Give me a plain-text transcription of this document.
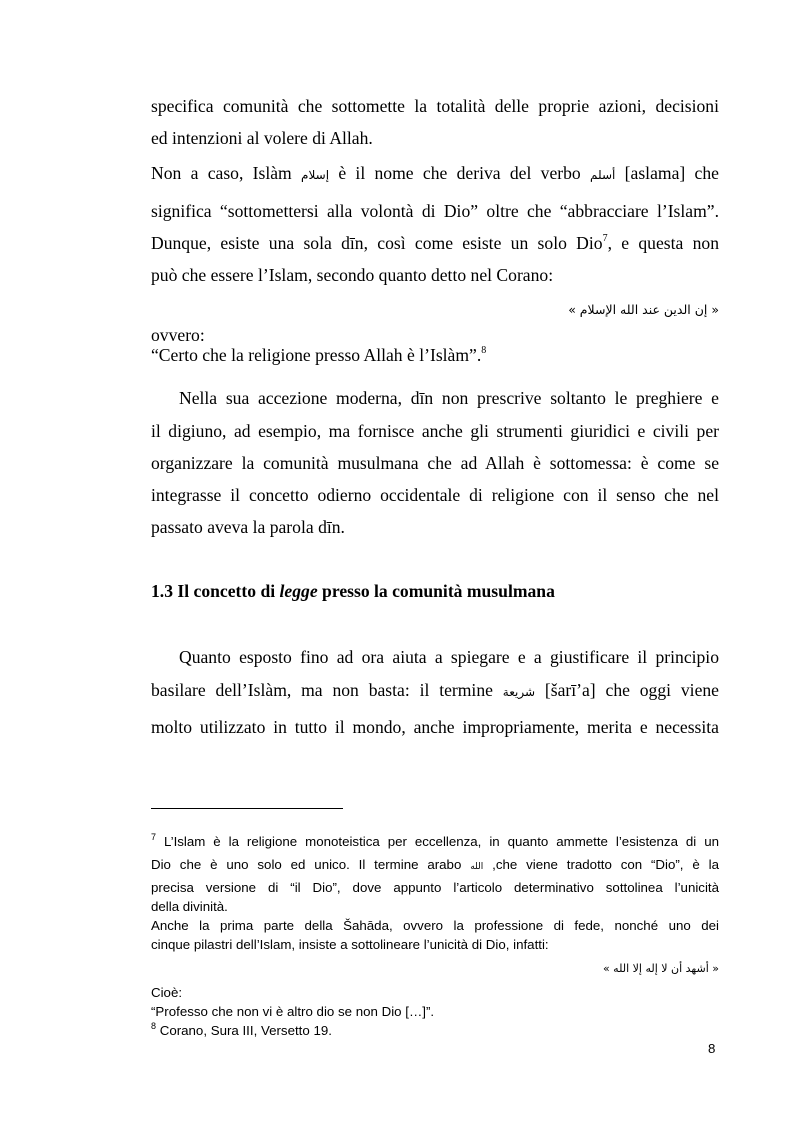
specifica comunità che sottomette la totalità delle proprie azioni, decisioni
ed intenzioni al volere di Allah.
Non a caso, Islàm إسلام è il nome che deriva del verbo أسلم [aslama] che
significa “sottomettersi alla volontà di Dio” oltre che “abbracciare l’Islam”.
Dunque, esiste una sola dīn, così come esiste un solo Dio$^7$, e questa non
può che essere l’Islam, secondo quanto detto nel Corano:
« إن الدين عند الله الإسلام »
ovvero:
“Certo che la religione presso Allah è l’Islàm”.$^8$
Nella sua accezione moderna, dīn non prescrive soltanto le preghiere e
il digiuno, ad esempio, ma fornisce anche gli strumenti giuridici e civili per
organizzare la comunità musulmana che ad Allah è sottomessa: è come se
integrasse il concetto odierno occidentale di religione con il senso che nel
passato aveva la parola dīn.
1.3 Il concetto di legge presso la comunità musulmana
Quanto esposto fino ad ora aiuta a spiegare e a giustificare il principio
basilare dell’Islàm, ma non basta: il termine شريعة [šarī’a] che oggi viene
molto utilizzato in tutto il mondo, anche impropriamente, merita e necessita
$^7$ L’Islam è la religione monoteistica per eccellenza, in quanto ammette l’esistenza di un
Dio che è uno solo ed unico. Il termine arabo الله ,che viene tradotto con “Dio”, è la
precisa versione di “il Dio”, dove appunto l’articolo determinativo sottolinea l’unicità
della divinità.
Anche la prima parte della Šahāda, ovvero la professione di fede, nonché uno dei
cinque pilastri dell’Islam, insiste a sottolineare l’unicità di Dio, infatti:
« أشهد أن لا إله إلا الله »
Cioè:
“Professo che non vi è altro dio se non Dio […]”.
$^8$ Corano, Sura III, Versetto 19.
8
